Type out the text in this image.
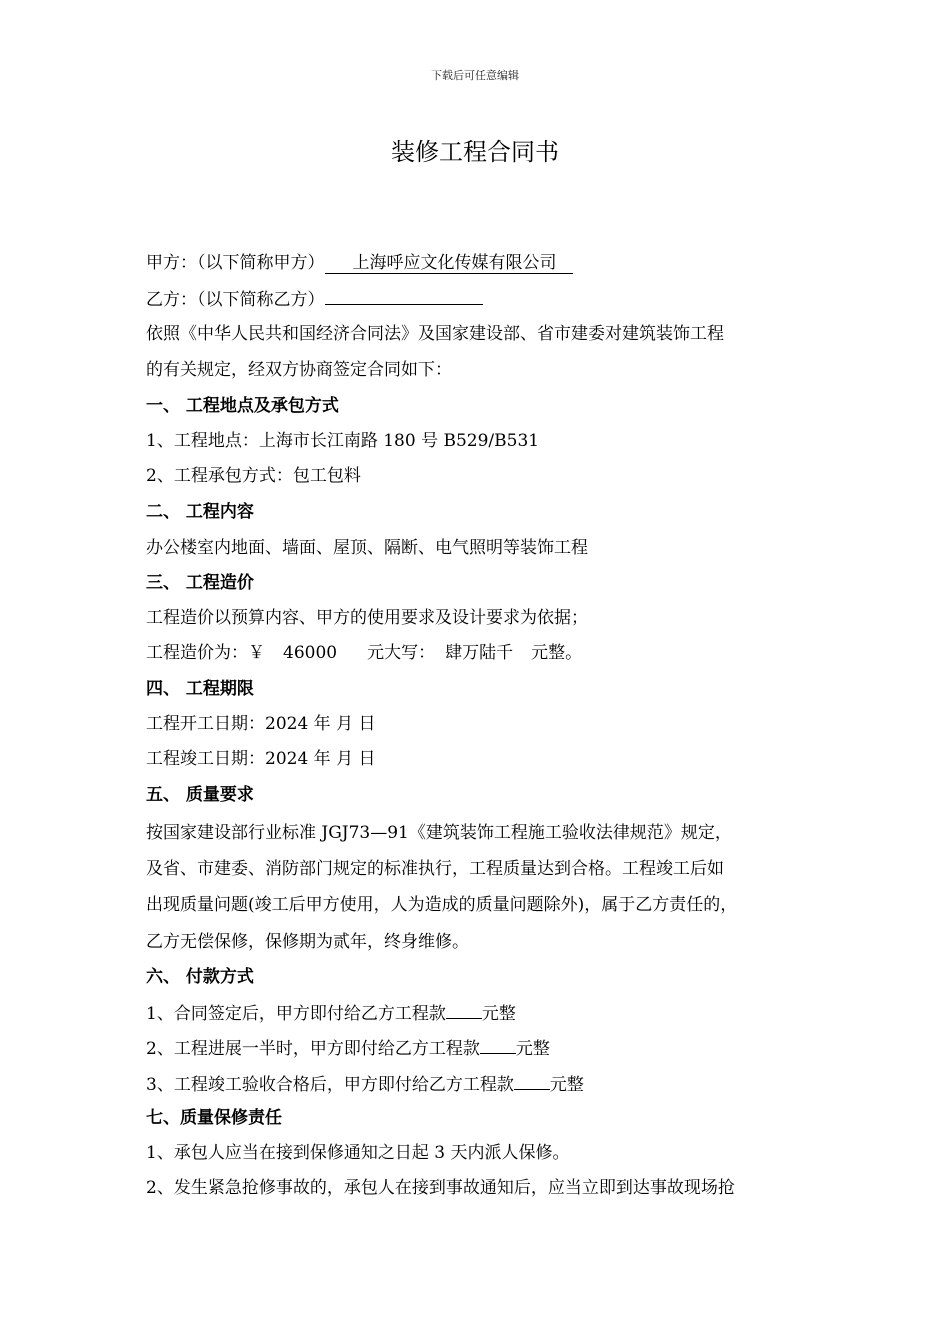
下载后可任意编辑
装修工程合同书
甲方：（以下简称甲方） 上海呼应文化传媒有限公司
乙方：（以下简称乙方）
依照《中华人民共和国经济合同法》及国家建设部、省市建委对建筑装饰工程
的有关规定，经双方协商签定合同如下：
一、 工程地点及承包方式
1、工程地点：上海市长江南路 180 号 B529/B531
2、工程承包方式：包工包料
二、 工程内容
办公楼室内地面、墙面、屋顶、隔断、电气照明等装饰工程
三、 工程造价
工程造价以预算内容、甲方的使用要求及设计要求为依据；
工程造价为：￥ 46000 元大写： 肆万陆千 元整。
四、 工程期限
工程开工日期：2024 年 月 日
工程竣工日期：2024 年 月 日
五、 质量要求
按国家建设部行业标准 JGJ73—91《建筑装饰工程施工验收法律规范》规定，
及省、市建委、消防部门规定的标准执行，工程质量达到合格。工程竣工后如
出现质量问题(竣工后甲方使用，人为造成的质量问题除外)，属于乙方责任的，
乙方无偿保修，保修期为贰年，终身维修。
六、 付款方式
1、合同签定后，甲方即付给乙方工程款 元整
2、工程进展一半时，甲方即付给乙方工程款 元整
3、工程竣工验收合格后，甲方即付给乙方工程款 元整
七、质量保修责任
1、承包人应当在接到保修通知之日起 3 天内派人保修。
2、发生紧急抢修事故的，承包人在接到事故通知后，应当立即到达事故现场抢
